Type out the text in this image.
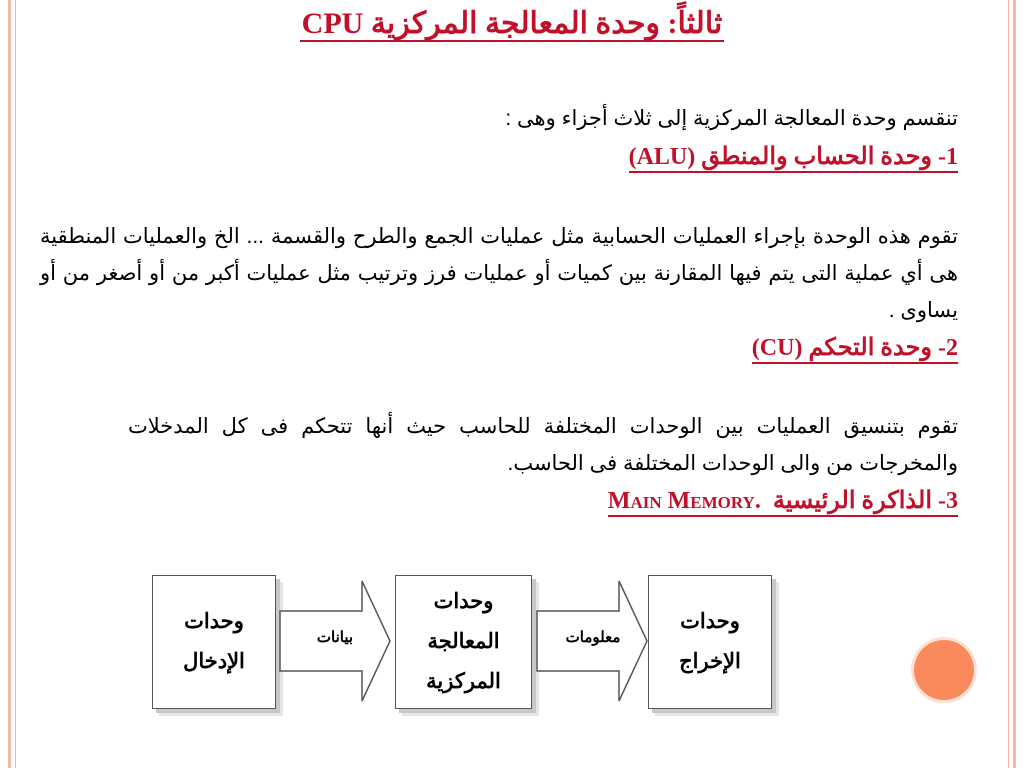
ثالثاً: وحدة المعالجة المركزية CPU
تنقسم وحدة المعالجة المركزية إلى ثلاث أجزاء وهى :
1- وحدة الحساب والمنطق (ALU)
تقوم هذه الوحدة بإجراء العمليات الحسابية مثل عمليات الجمع والطرح والقسمة ... الخ والعمليات المنطقية هى أي عملية التى يتم فيها المقارنة بين كميات أو عمليات فرز وترتيب مثل عمليات أكبر من أو أصغر من أو يساوى .
2- وحدة التحكم (CU)
تقوم بتنسيق العمليات بين الوحدات المختلفة للحاسب حيث أنها تتحكم فى كل المدخلات والمخرجات من والى الوحدات المختلفة فى الحاسب.
3- الذاكرة الرئيسية  Main Memory.
وحدات الإدخال
بيانات
وحدات المعالجة
المركزية
معلومات
وحدات الإخراج
